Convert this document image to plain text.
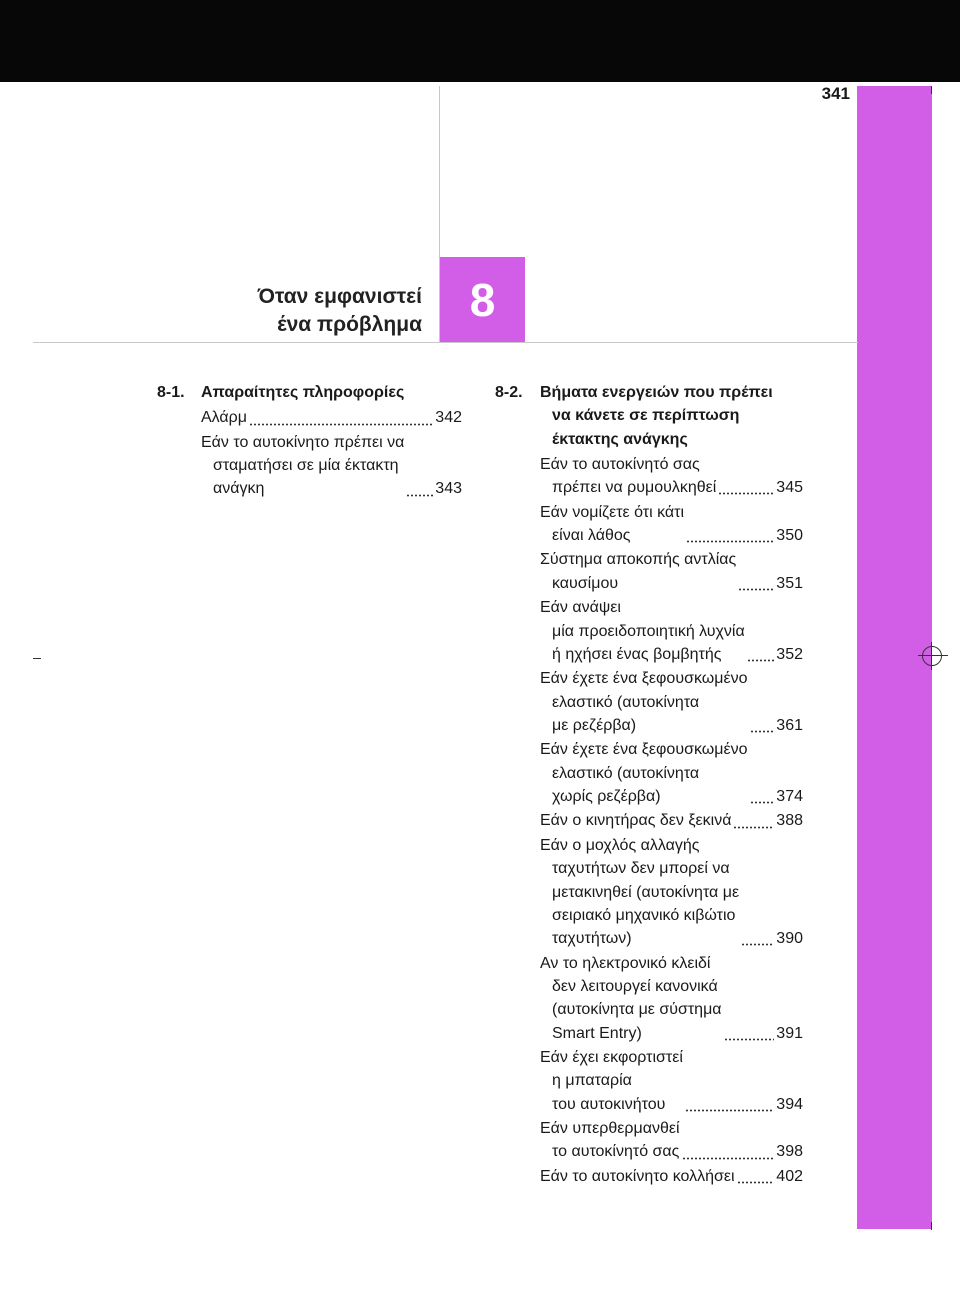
341
8
Όταν εμφανιστεί
ένα πρόβλημα
8-1.	Απαραίτητες πληροφορίες
Αλάρμ	342
Εάν το αυτοκίνητο πρέπει να
σταματήσει σε μία έκτακτη
ανάγκη	343
8-2.	Βήματα ενεργειών που πρέπει
να κάνετε σε περίπτωση
έκτακτης ανάγκης
Εάν το αυτοκίνητό σας
πρέπει να ρυμουλκηθεί	345
Εάν νομίζετε ότι κάτι
είναι λάθος	350
Σύστημα αποκοπής αντλίας
καυσίμου	351
Εάν ανάψει
μία προειδοποιητική λυχνία
ή ηχήσει ένας βομβητής	352
Εάν έχετε ένα ξεφουσκωμένο
ελαστικό (αυτοκίνητα
με ρεζέρβα)	361
Εάν έχετε ένα ξεφουσκωμένο
ελαστικό (αυτοκίνητα
χωρίς ρεζέρβα)	374
Εάν ο κινητήρας δεν ξεκινά	388
Εάν ο μοχλός αλλαγής
ταχυτήτων δεν μπορεί να
μετακινηθεί (αυτοκίνητα με
σειριακό μηχανικό κιβώτιο
ταχυτήτων)	390
Αν το ηλεκτρονικό κλειδί
δεν λειτουργεί κανονικά
(αυτοκίνητα με σύστημα
Smart Entry)	391
Εάν έχει εκφορτιστεί
η μπαταρία
του αυτοκινήτου	394
Εάν υπερθερμανθεί
το αυτοκίνητό σας	398
Εάν το αυτοκίνητο κολλήσει	402
